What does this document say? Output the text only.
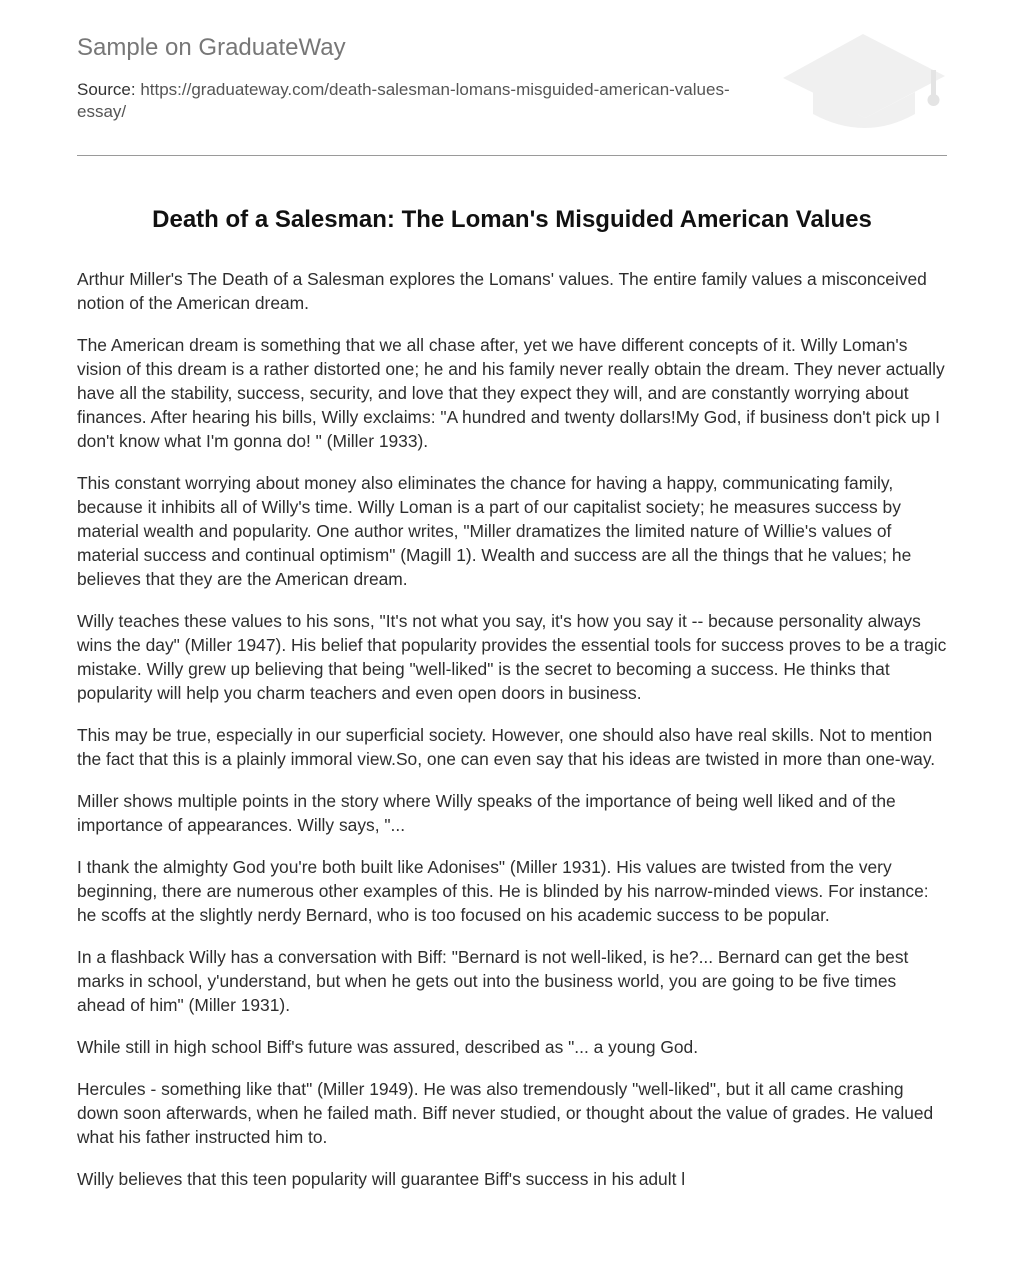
Sample on GraduateWay
Source: https://graduateway.com/death-salesman-lomans-misguided-american-values-essay/
Death of a Salesman: The Loman's Misguided American Values

Arthur Miller's The Death of a Salesman explores the Lomans' values. The entire family values a misconceived notion of the American dream.

The American dream is something that we all chase after, yet we have different concepts of it. Willy Loman's vision of this dream is a rather distorted one; he and his family never really obtain the dream. They never actually have all the stability, success, security, and love that they expect they will, and are constantly worrying about finances. After hearing his bills, Willy exclaims: "A hundred and twenty dollars!My God, if business don't pick up I don't know what I'm gonna do! " (Miller 1933).

This constant worrying about money also eliminates the chance for having a happy, communicating family, because it inhibits all of Willy's time. Willy Loman is a part of our capitalist society; he measures success by material wealth and popularity. One author writes, "Miller dramatizes the limited nature of Willie's values of material success and continual optimism" (Magill 1). Wealth and success are all the things that he values; he believes that they are the American dream.

Willy teaches these values to his sons, "It's not what you say, it's how you say it -- because personality always wins the day" (Miller 1947). His belief that popularity provides the essential tools for success proves to be a tragic mistake. Willy grew up believing that being "well-liked" is the secret to becoming a success. He thinks that popularity will help you charm teachers and even open doors in business.

This may be true, especially in our superficial society. However, one should also have real skills. Not to mention the fact that this is a plainly immoral view.So, one can even say that his ideas are twisted in more than one-way.

Miller shows multiple points in the story where Willy speaks of the importance of being well liked and of the importance of appearances. Willy says, "...

I thank the almighty God you're both built like Adonises" (Miller 1931). His values are twisted from the very beginning, there are numerous other examples of this. He is blinded by his narrow-minded views. For instance: he scoffs at the slightly nerdy Bernard, who is too focused on his academic success to be popular.

In a flashback Willy has a conversation with Biff: "Bernard is not well-liked, is he?... Bernard can get the best marks in school, y'understand, but when he gets out into the business world, you are going to be five times ahead of him" (Miller 1931).

While still in high school Biff's future was assured, described as "... a young God.

Hercules - something like that" (Miller 1949). He was also tremendously "well-liked", but it all came crashing down soon afterwards, when he failed math. Biff never studied, or thought about the value of grades. He valued what his father instructed him to.

Willy believes that this teen popularity will guarantee Biff's success in his adult l
